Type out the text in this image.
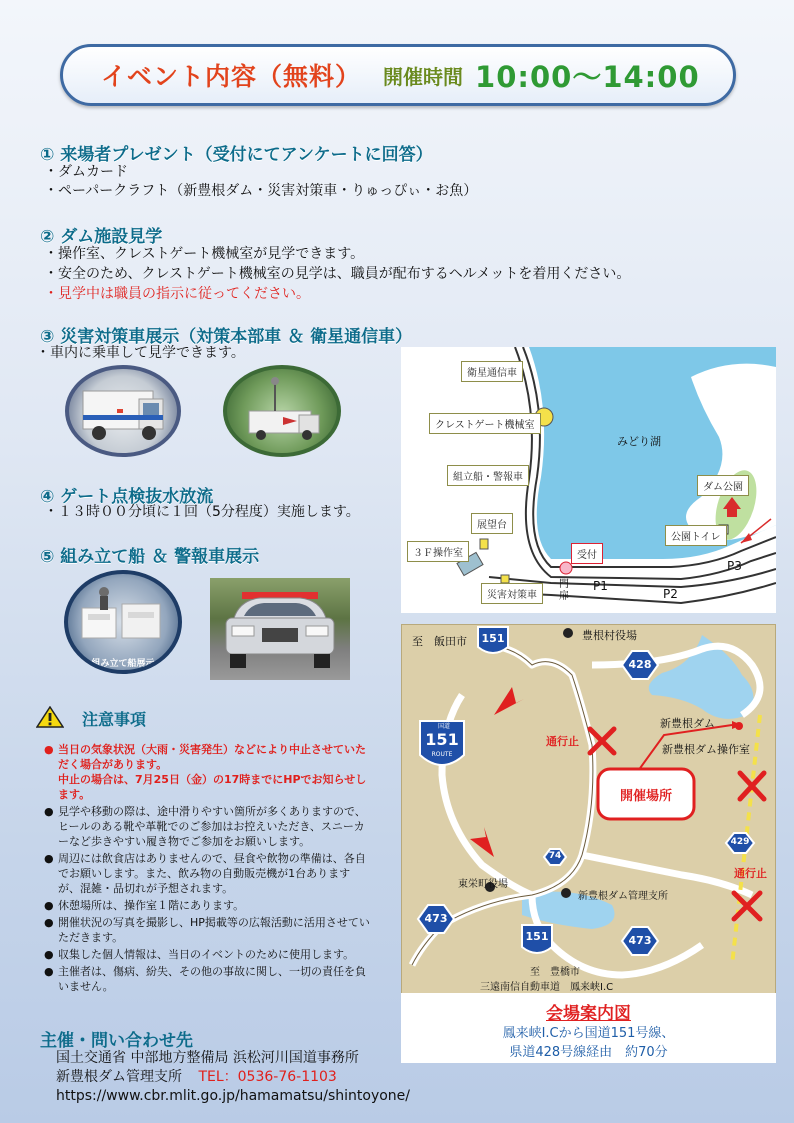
イベント内容（無料） 開催時間 10:00～14:00
① 来場者プレゼント（受付にてアンケートに回答）
・ダムカード
・ペーパークラフト（新豊根ダム・災害対策車・りゅっぴぃ・お魚）
② ダム施設見学
・操作室、クレストゲート機械室が見学できます。
・安全のため、クレストゲート機械室の見学は、職員が配布するヘルメットを着用ください。
・見学中は職員の指示に従ってください。
③ 災害対策車展示（対策本部車 ＆ 衛星通信車）
・車内に乗車して見学できます。
④ ゲート点検抜水放流
・１３時００分頃に１回（5分程度）実施します。
⑤ 組み立て船 ＆ 警報車展示
組み立て船展示
衛星通信車
クレストゲート機械室
組立船・警報車
展望台
３Ｆ操作室
災害対策車
受付
門扉
みどり湖
ダム公園
公園トイレ
P1
P2
P3
至　飯田市	豊根村役場
新豊根ダム
新豊根ダム操作室
通行止
通行止
開催場所
東栄町役場
新豊根ダム管理支所
至　豊橋市
三遠南信自動車道　鳳来峡I.C
国道
151
ROUTE
151
151
428
429
473
473
74
会場案内図
鳳来峡I.Cから国道151号線、
県道428号線経由　約70分
注意事項
● 当日の気象状況（大雨・災害発生）などにより中止させていただく場合があります。
中止の場合は、7月25日（金）の17時までにHPでお知らせします。
● 見学や移動の際は、途中滑りやすい箇所が多くありますので、ヒールのある靴や革靴でのご参加はお控えいただき、スニーカーなど歩きやすい履き物でご参加をお願いします。
● 周辺には飲食店はありませんので、昼食や飲物の準備は、各自でお願いします。また、飲み物の自動販売機が1台ありますが、混雑・品切れが予想されます。
● 休憩場所は、操作室１階にあります。
● 開催状況の写真を撮影し、HP掲載等の広報活動に活用させていただきます。
● 収集した個人情報は、当日のイベントのために使用します。
● 主催者は、傷病、紛失、その他の事故に関し、一切の責任を負いません。
主催・問い合わせ先
国土交通省 中部地方整備局 浜松河川国道事務所
新豊根ダム管理支所 TEL：0536-76-1103
https://www.cbr.mlit.go.jp/hamamatsu/shintoyone/
